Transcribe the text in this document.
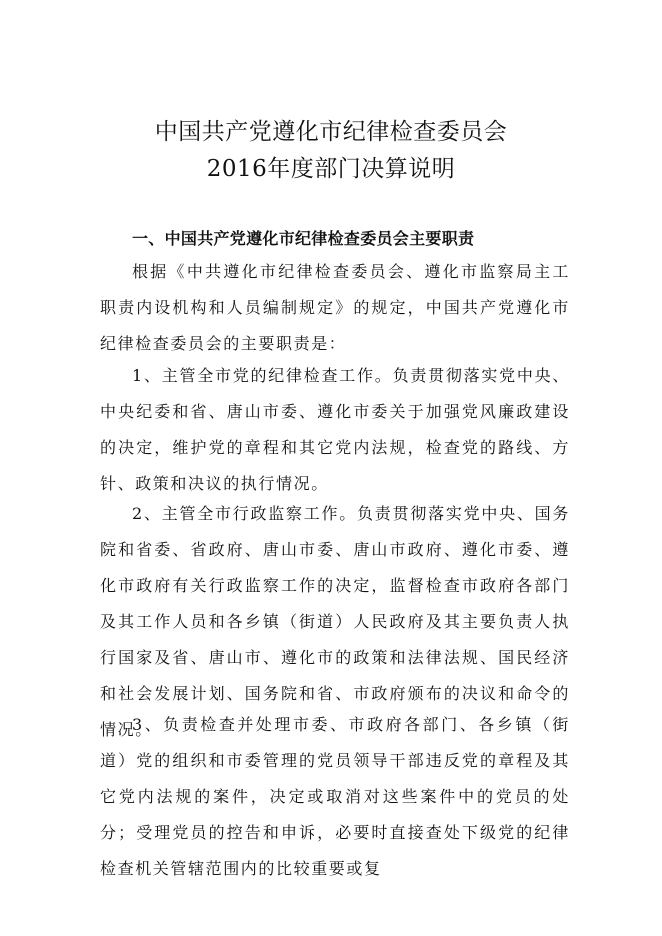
中国共产党遵化市纪律检查委员会
2016年度部门决算说明
一、中国共产党遵化市纪律检查委员会主要职责

根据《中共遵化市纪律检查委员会、遵化市监察局主工职责内设机构和人员编制规定》的规定，中国共产党遵化市纪律检查委员会的主要职责是：

1、主管全市党的纪律检查工作。负责贯彻落实党中央、中央纪委和省、唐山市委、遵化市委关于加强党风廉政建设的决定，维护党的章程和其它党内法规，检查党的路线、方针、政策和决议的执行情况。

2、主管全市行政监察工作。负责贯彻落实党中央、国务院和省委、省政府、唐山市委、唐山市政府、遵化市委、遵化市政府有关行政监察工作的决定，监督检查市政府各部门及其工作人员和各乡镇（街道）人民政府及其主要负责人执行国家及省、唐山市、遵化市的政策和法律法规、国民经济和社会发展计划、国务院和省、市政府颁布的决议和命令的情况。

3、负责检查并处理市委、市政府各部门、各乡镇（街道）党的组织和市委管理的党员领导干部违反党的章程及其它党内法规的案件，决定或取消对这些案件中的党员的处分；受理党员的控告和申诉，必要时直接查处下级党的纪律检查机关管辖范围内的比较重要或复
